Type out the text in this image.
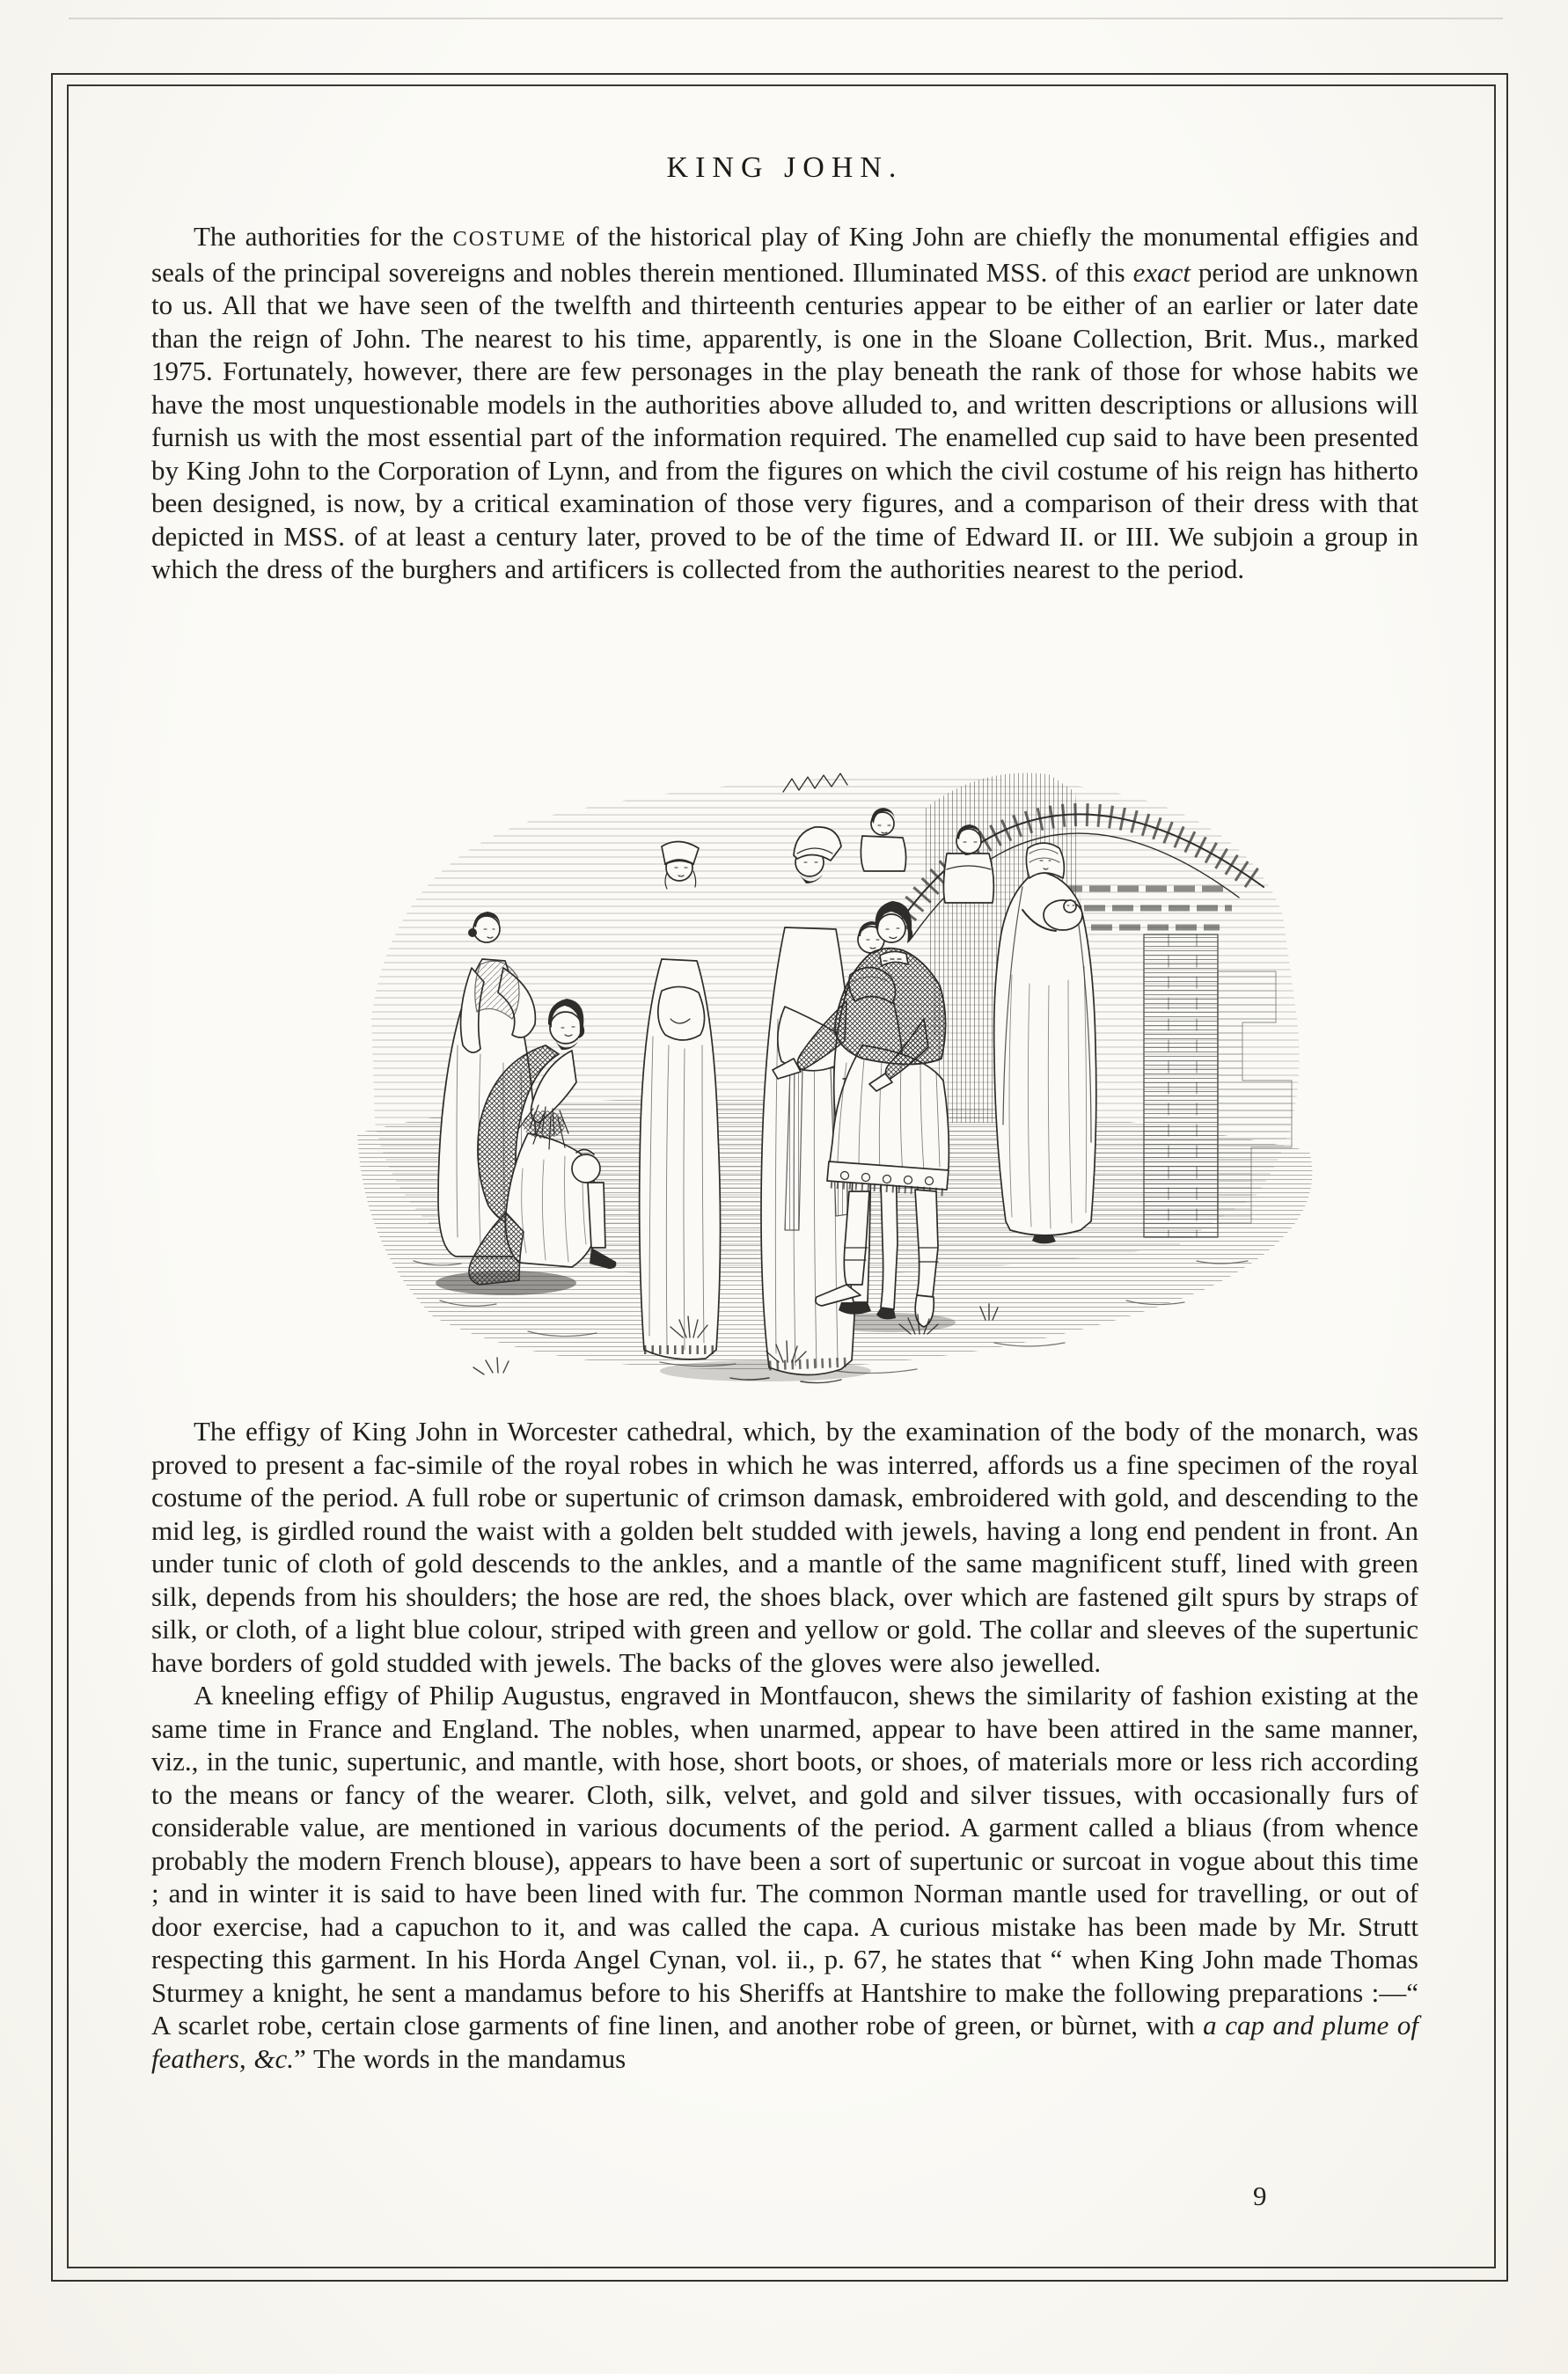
KING JOHN.

The authorities for the COSTUME of the historical play of King John are chiefly the monumental effigies and seals of the principal sovereigns and nobles therein mentioned. Illuminated MSS. of this exact period are unknown to us. All that we have seen of the twelfth and thirteenth centuries appear to be either of an earlier or later date than the reign of John. The nearest to his time, apparently, is one in the Sloane Collection, Brit. Mus., marked 1975. Fortunately, however, there are few personages in the play beneath the rank of those for whose habits we have the most unquestionable models in the authorities above alluded to, and written descriptions or allusions will furnish us with the most essential part of the information required. The enamelled cup said to have been presented by King John to the Corporation of Lynn, and from the figures on which the civil costume of his reign has hitherto been designed, is now, by a critical examination of those very figures, and a comparison of their dress with that depicted in MSS. of at least a century later, proved to be of the time of Edward II. or III. We subjoin a group in which the dress of the burghers and artificers is collected from the authorities nearest to the period.

The effigy of King John in Worcester cathedral, which, by the examination of the body of the monarch, was proved to present a fac-simile of the royal robes in which he was interred, affords us a fine specimen of the royal costume of the period. A full robe or supertunic of crimson damask, embroidered with gold, and descending to the mid leg, is girdled round the waist with a golden belt studded with jewels, having a long end pendent in front. An under tunic of cloth of gold descends to the ankles, and a mantle of the same magnificent stuff, lined with green silk, depends from his shoulders; the hose are red, the shoes black, over which are fastened gilt spurs by straps of silk, or cloth, of a light blue colour, striped with green and yellow or gold. The collar and sleeves of the supertunic have borders of gold studded with jewels. The backs of the gloves were also jewelled.

A kneeling effigy of Philip Augustus, engraved in Montfaucon, shews the similarity of fashion existing at the same time in France and England. The nobles, when unarmed, appear to have been attired in the same manner, viz., in the tunic, supertunic, and mantle, with hose, short boots, or shoes, of materials more or less rich according to the means or fancy of the wearer. Cloth, silk, velvet, and gold and silver tissues, with occasionally furs of considerable value, are mentioned in various documents of the period. A garment called a bliaus (from whence probably the modern French blouse), appears to have been a sort of supertunic or surcoat in vogue about this time ; and in winter it is said to have been lined with fur. The common Norman mantle used for travelling, or out of door exercise, had a capuchon to it, and was called the capa. A curious mistake has been made by Mr. Strutt respecting this garment. In his Horda Angel Cynan, vol. ii., p. 67, he states that “ when King John made Thomas Sturmey a knight, he sent a mandamus before to his Sheriffs at Hantshire to make the following preparations :—“ A scarlet robe, certain close garments of fine linen, and another robe of green, or bùrnet, with a cap and plume of feathers, &c.” The words in the mandamus

9
